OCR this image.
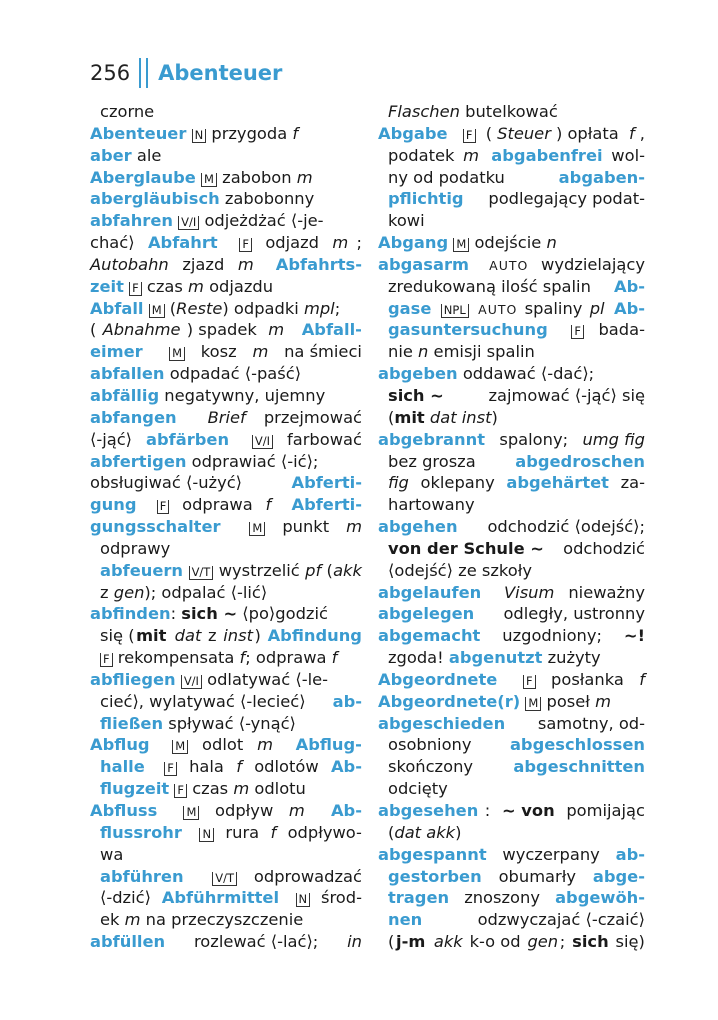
256 Abenteuer
czorne
Abenteuer
N przygoda f
aber ale
Aberglaube
M zabobon m
abergläubisch zabobonny
abfahren
V/I odjeżdżać ⟨-je-
chać⟩ Abfahrt
F odjazd m ;
Autobahn zjazd m
Abfahrts-
zeit
F czas m odjazdu
Abfall
M ( Reste ) odpadki mpl ;
( Abnahme ) spadek m
Abfall-
eimer
	M kosz m na śmieci
abfallen odpadać ⟨-paść⟩
abfällig negatywny, ujemny
abfangen
Brief przejmować
⟨-jąć⟩ abfärben
V/I farbować
abfertigen odprawiać ⟨-ić⟩;
obsługiwać ⟨-użyć⟩	Abferti-
gung
F odprawa f
Abferti-
gungsschalter
	M punkt m
odprawy
abfeuern
V/T wystrzelić pf ( akk
z gen ); odpalać ⟨-lić⟩
abfinden : sich ~ ⟨po⟩godzić
się ( mit
dat z inst ) Abfindung
F rekompensata f ; odprawa f
abfliegen
V/I odlatywać ⟨-le-
cieć⟩, wylatywać ⟨-lecieć⟩ ab-
fließen spływać ⟨-ynąć⟩
Abflug
M odlot m
Abflug-
halle
F hala f odlotów Ab-
flugzeit
F czas m odlotu
Abfluss
	M odpływ m
Ab-
flussrohr
N rura f odpływo-
wa
abführen
	V/T odprowadzać
⟨-dzić⟩ Abführmittel
N środ-
ek m na przeczyszczenie
abfüllen rozlewać ⟨-lać⟩; in
Flaschen butelkować
Abgabe
F ( Steuer ) opłata f ,
podatek m
abgabenfrei wol-
ny od podatku	abgaben-
pflichtig podlegający podat-
kowi
Abgang
M odejście n
abgasarm
AUTO wydzielający
zredukowaną ilość spalin Ab-
gase
NPL
AUTO spaliny pl
Ab-
gasuntersuchung
F bada-
nie n emisji spalin
abgeben oddawać ⟨-dać⟩;
sich ~ zajmować ⟨-jąć⟩ się
( mit
dat inst )
abgebrannt spalony; umg fig
bez grosza abgedroschen
fig oklepany abgehärtet za-
hartowany
abgehen odchodzić ⟨odejść⟩;
von der Schule ~ odchodzić
⟨odejść⟩ ze szkoły
abgelaufen
Visum nieważny
abgelegen odległy, ustronny
abgemacht uzgodniony; ~!
zgoda! abgenutzt zużyty
Abgeordnete
F posłanka f
Abgeordnete(r)
M poseł m
abgeschieden samotny, od-
osobniony abgeschlossen
skończony abgeschnitten
odcięty
abgesehen : ~ von pomijając
( dat akk )
abgespannt wyczerpany ab-
gestorben obumarły abge-
tragen znoszony abgewöh-
nen	odzwyczajać ⟨-czaić⟩
( j-m
akk k-o od gen ; sich się)
